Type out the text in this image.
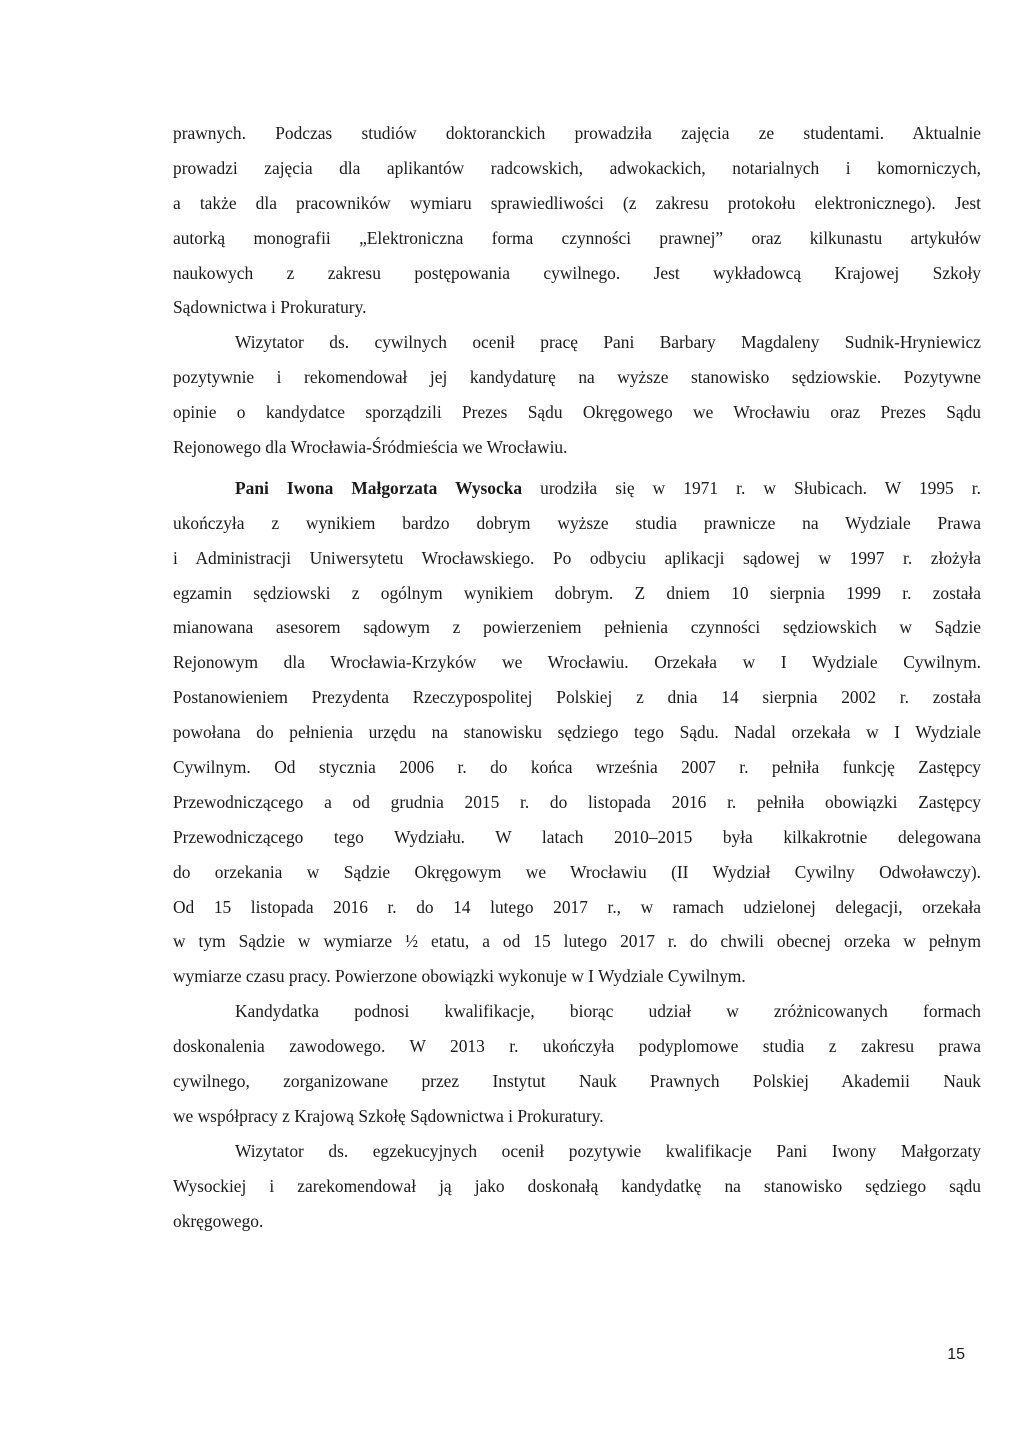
prawnych. Podczas studiów doktoranckich prowadziła zajęcia ze studentami. Aktualnie
prowadzi zajęcia dla aplikantów radcowskich, adwokackich, notarialnych i komorniczych,
a także dla pracowników wymiaru sprawiedliwości (z zakresu protokołu elektronicznego). Jest
autorką monografii „Elektroniczna forma czynności prawnej” oraz kilkunastu artykułów
naukowych z zakresu postępowania cywilnego. Jest wykładowcą Krajowej Szkoły
Sądownictwa i Prokuratury.
Wizytator ds. cywilnych ocenił pracę Pani Barbary Magdaleny Sudnik-Hryniewicz
pozytywnie i rekomendował jej kandydaturę na wyższe stanowisko sędziowskie. Pozytywne
opinie o kandydatce sporządzili Prezes Sądu Okręgowego we Wrocławiu oraz Prezes Sądu
Rejonowego dla Wrocławia-Śródmieścia we Wrocławiu.
Pani Iwona Małgorzata Wysocka urodziła się w 1971 r. w Słubicach. W 1995 r.
ukończyła z wynikiem bardzo dobrym wyższe studia prawnicze na Wydziale Prawa
i Administracji Uniwersytetu Wrocławskiego. Po odbyciu aplikacji sądowej w 1997 r. złożyła
egzamin sędziowski z ogólnym wynikiem dobrym. Z dniem 10 sierpnia 1999 r. została
mianowana asesorem sądowym z powierzeniem pełnienia czynności sędziowskich w Sądzie
Rejonowym dla Wrocławia-Krzyków we Wrocławiu. Orzekała w I Wydziale Cywilnym.
Postanowieniem Prezydenta Rzeczypospolitej Polskiej z dnia 14 sierpnia 2002 r. została
powołana do pełnienia urzędu na stanowisku sędziego tego Sądu. Nadal orzekała w I Wydziale
Cywilnym. Od stycznia 2006 r. do końca września 2007 r. pełniła funkcję Zastępcy
Przewodniczącego a od grudnia 2015 r. do listopada 2016 r. pełniła obowiązki Zastępcy
Przewodniczącego tego Wydziału. W latach 2010–2015 była kilkakrotnie delegowana
do orzekania w Sądzie Okręgowym we Wrocławiu (II Wydział Cywilny Odwoławczy).
Od 15 listopada 2016 r. do 14 lutego 2017 r., w ramach udzielonej delegacji, orzekała
w tym Sądzie w wymiarze ½ etatu, a od 15 lutego 2017 r. do chwili obecnej orzeka w pełnym
wymiarze czasu pracy. Powierzone obowiązki wykonuje w I Wydziale Cywilnym.
Kandydatka podnosi kwalifikacje, biorąc udział w zróżnicowanych formach
doskonalenia zawodowego. W 2013 r. ukończyła podyplomowe studia z zakresu prawa
cywilnego, zorganizowane przez Instytut Nauk Prawnych Polskiej Akademii Nauk
we współpracy z Krajową Szkołę Sądownictwa i Prokuratury.
Wizytator ds. egzekucyjnych ocenił pozytywie kwalifikacje Pani Iwony Małgorzaty
Wysockiej i zarekomendował ją jako doskonałą kandydatkę na stanowisko sędziego sądu
okręgowego.
15
